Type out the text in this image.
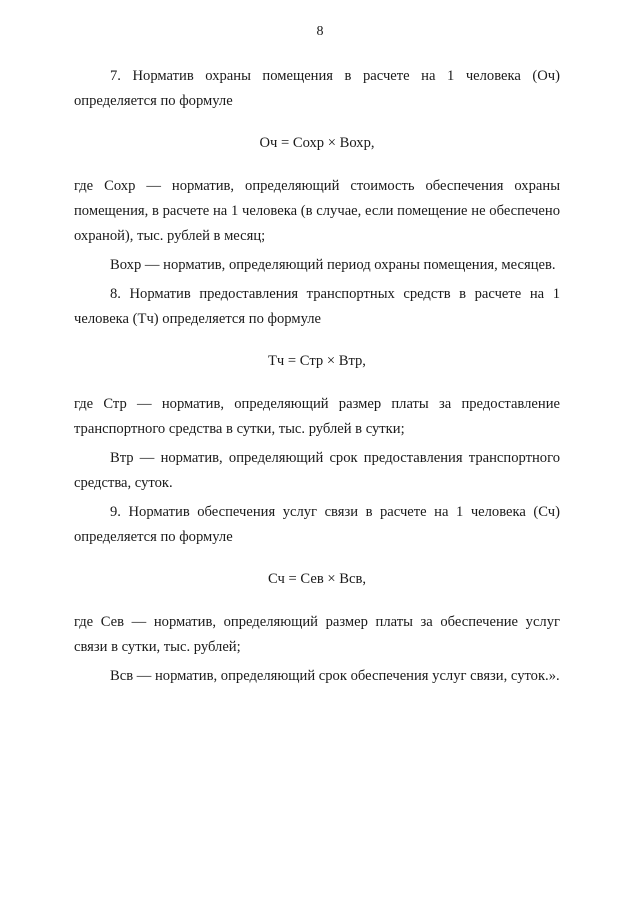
8

7. Норматив охраны помещения в расчете на 1 человека (Оч) определяется по формуле

Оч = Сохр × Вохр,

где Сохр — норматив, определяющий стоимость обеспечения охраны помещения, в расчете на 1 человека (в случае, если помещение не обеспечено охраной), тыс. рублей в месяц;

Вохр — норматив, определяющий период охраны помещения, месяцев.

8. Норматив предоставления транспортных средств в расчете на 1 человека (Тч) определяется по формуле

Тч = Стр × Втр,

где Стр — норматив, определяющий размер платы за предоставление транспортного средства в сутки, тыс. рублей в сутки;

Втр — норматив, определяющий срок предоставления транспортного средства, суток.

9. Норматив обеспечения услуг связи в расчете на 1 человека (Сч) определяется по формуле

Сч = Сев × Всв,

где Сев — норматив, определяющий размер платы за обеспечение услуг связи в сутки, тыс. рублей;

Всв — норматив, определяющий срок обеспечения услуг связи, суток.».
